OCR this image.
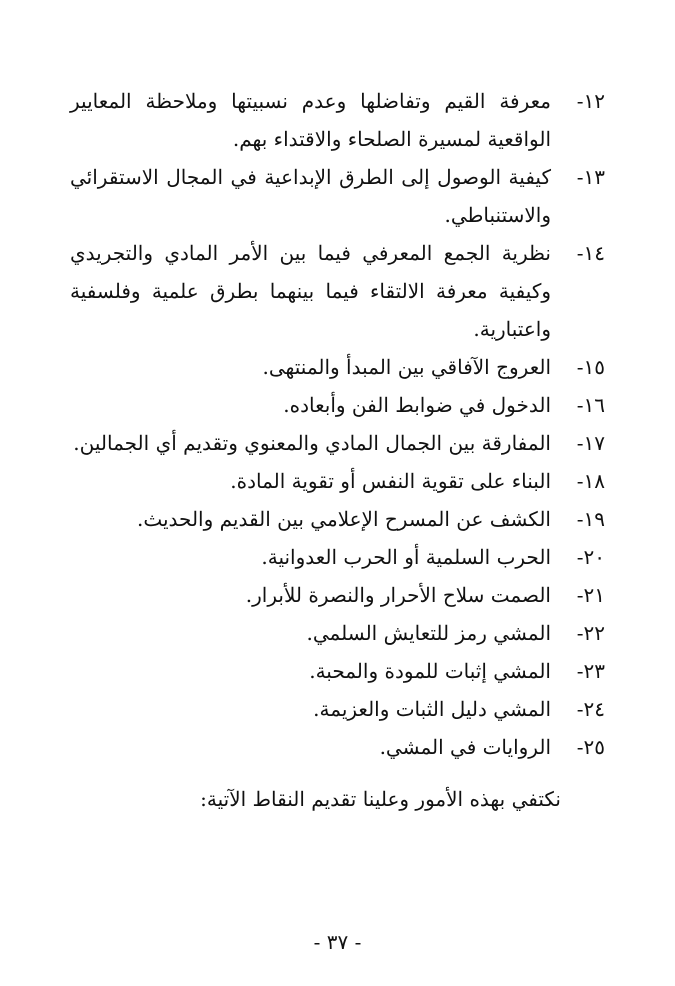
١٢-
معرفة القيم وتفاضلها وعدم نسبيتها وملاحظة المعايير الواقعية لمسيرة الصلحاء والاقتداء بهم.
١٣-
كيفية الوصول إلى الطرق الإبداعية في المجال الاستقرائي والاستنباطي.
١٤-
نظرية الجمع المعرفي فيما بين الأمر المادي والتجريدي وكيفية معرفة الالتقاء فيما بينهما بطرق علمية وفلسفية واعتبارية.
١٥-
العروج الآفاقي بين المبدأ والمنتهى.
١٦-
الدخول في ضوابط الفن وأبعاده.
١٧-
المفارقة بين الجمال المادي والمعنوي وتقديم أي الجمالين.
١٨-
البناء على تقوية النفس أو تقوية المادة.
١٩-
الكشف عن المسرح الإعلامي بين القديم والحديث.
٢٠-
الحرب السلمية أو الحرب العدوانية.
٢١-
الصمت سلاح الأحرار والنصرة للأبرار.
٢٢-
المشي رمز للتعايش السلمي.
٢٣-
المشي إثبات للمودة والمحبة.
٢٤-
المشي دليل الثبات والعزيمة.
٢٥-
الروايات في المشي.

نكتفي بهذه الأمور وعلينا تقديم النقاط الآتية:

- ٣٧ -
